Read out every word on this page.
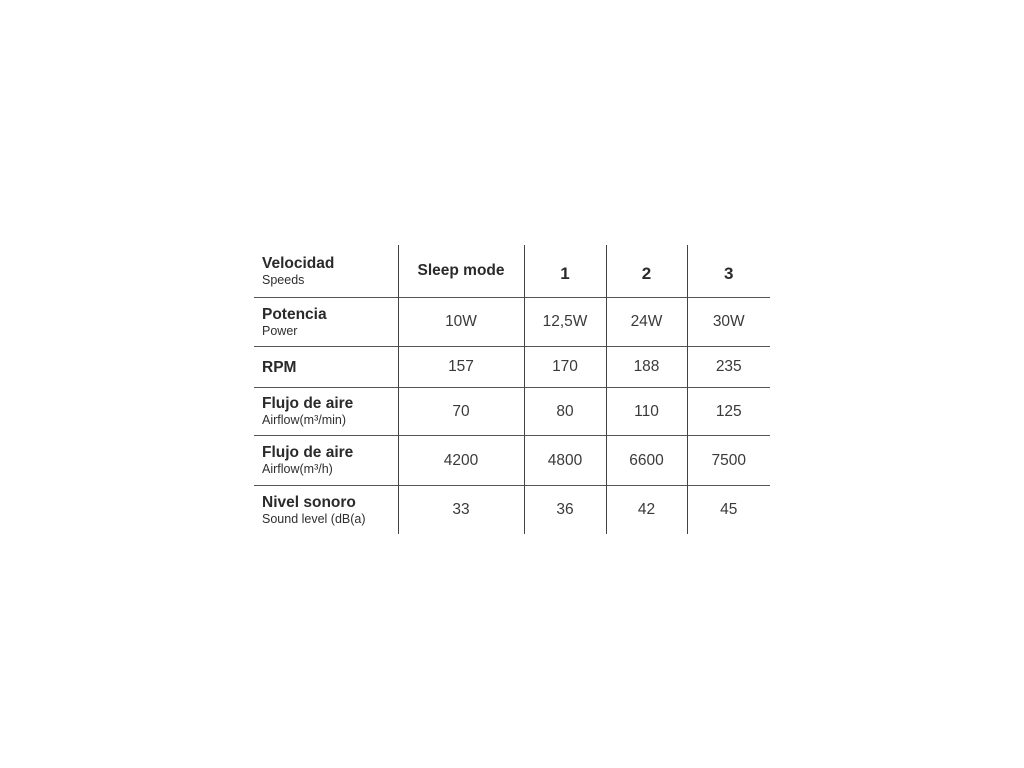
Velocidad
Speeds	Sleep mode	1	2	3

Potencia
Power	10W	12,5W	24W	30W

RPM	157	170	188	235

Flujo de aire
Airflow(m³/min)	70	80	110	125

Flujo de aire
Airflow(m³/h)	4200	4800	6600	7500

Nivel sonoro
Sound level (dB(a)	33	36	42	45
